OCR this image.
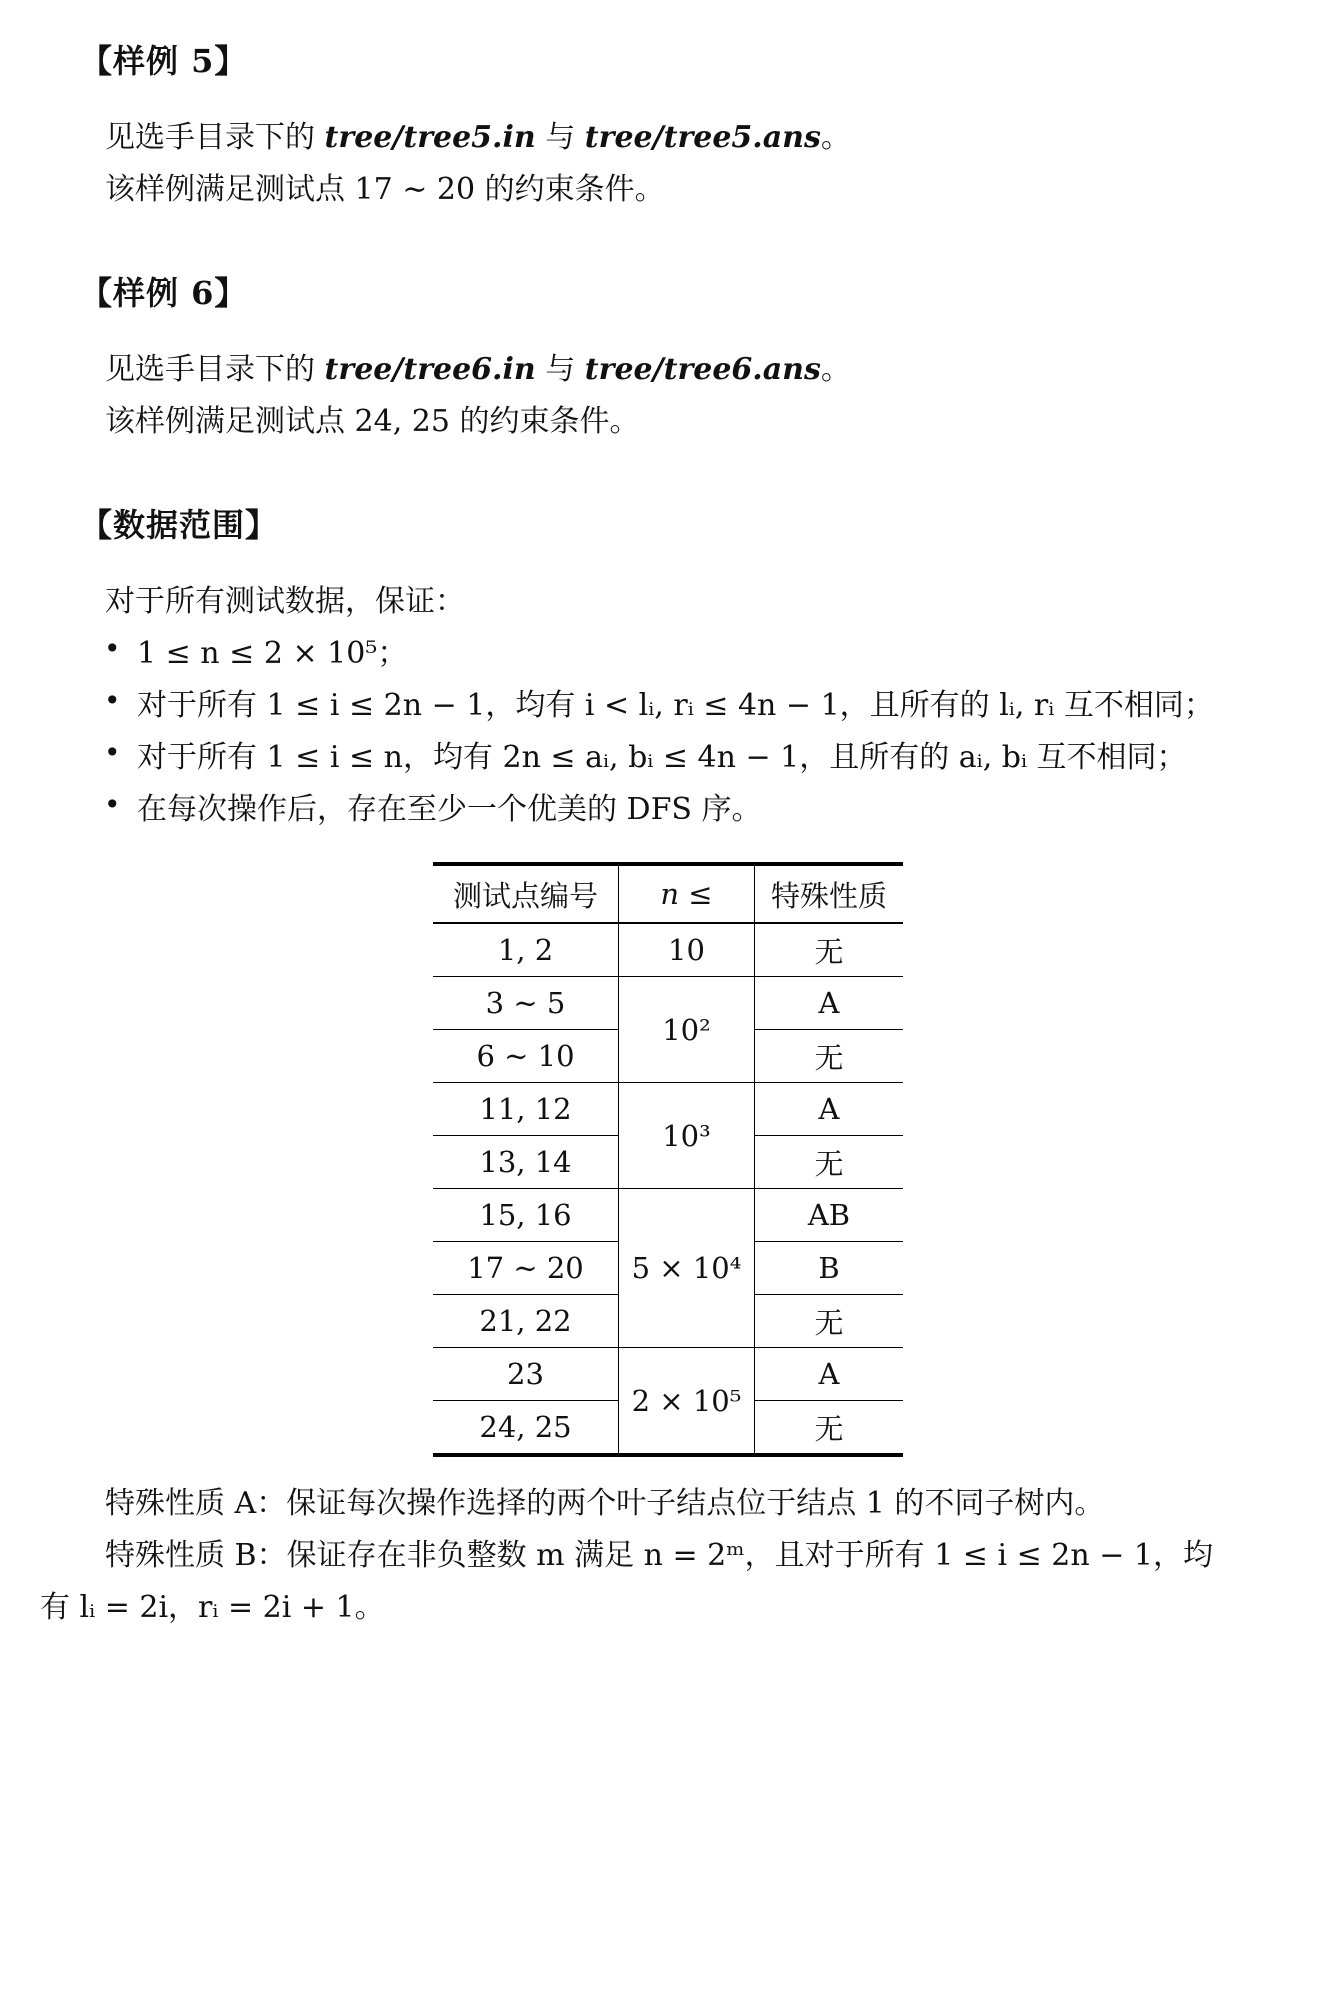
【样例 5】
见选手目录下的 tree/tree5.in 与 tree/tree5.ans。
该样例满足测试点 17 ∼ 20 的约束条件。
【样例 6】
见选手目录下的 tree/tree6.in 与 tree/tree6.ans。
该样例满足测试点 24, 25 的约束条件。
【数据范围】
对于所有测试数据，保证：
• 1 ≤ n ≤ 2 × 10⁵；
• 对于所有 1 ≤ i ≤ 2n − 1，均有 i < lᵢ, rᵢ ≤ 4n − 1，且所有的 lᵢ, rᵢ 互不相同；
• 对于所有 1 ≤ i ≤ n，均有 2n ≤ aᵢ, bᵢ ≤ 4n − 1，且所有的 aᵢ, bᵢ 互不相同；
• 在每次操作后，存在至少一个优美的 DFS 序。
测试点编号	n ≤	特殊性质
1, 2	10	无
3 ∼ 5	10²	A
6 ∼ 10		无
11, 12	10³	A
13, 14		无
15, 16	5 × 10⁴	AB
17 ∼ 20		B
21, 22		无
23	2 × 10⁵	A
24, 25		无
特殊性质 A：保证每次操作选择的两个叶子结点位于结点 1 的不同子树内。
特殊性质 B：保证存在非负整数 m 满足 n = 2ᵐ，且对于所有 1 ≤ i ≤ 2n − 1，均
有 lᵢ = 2i，rᵢ = 2i + 1。
